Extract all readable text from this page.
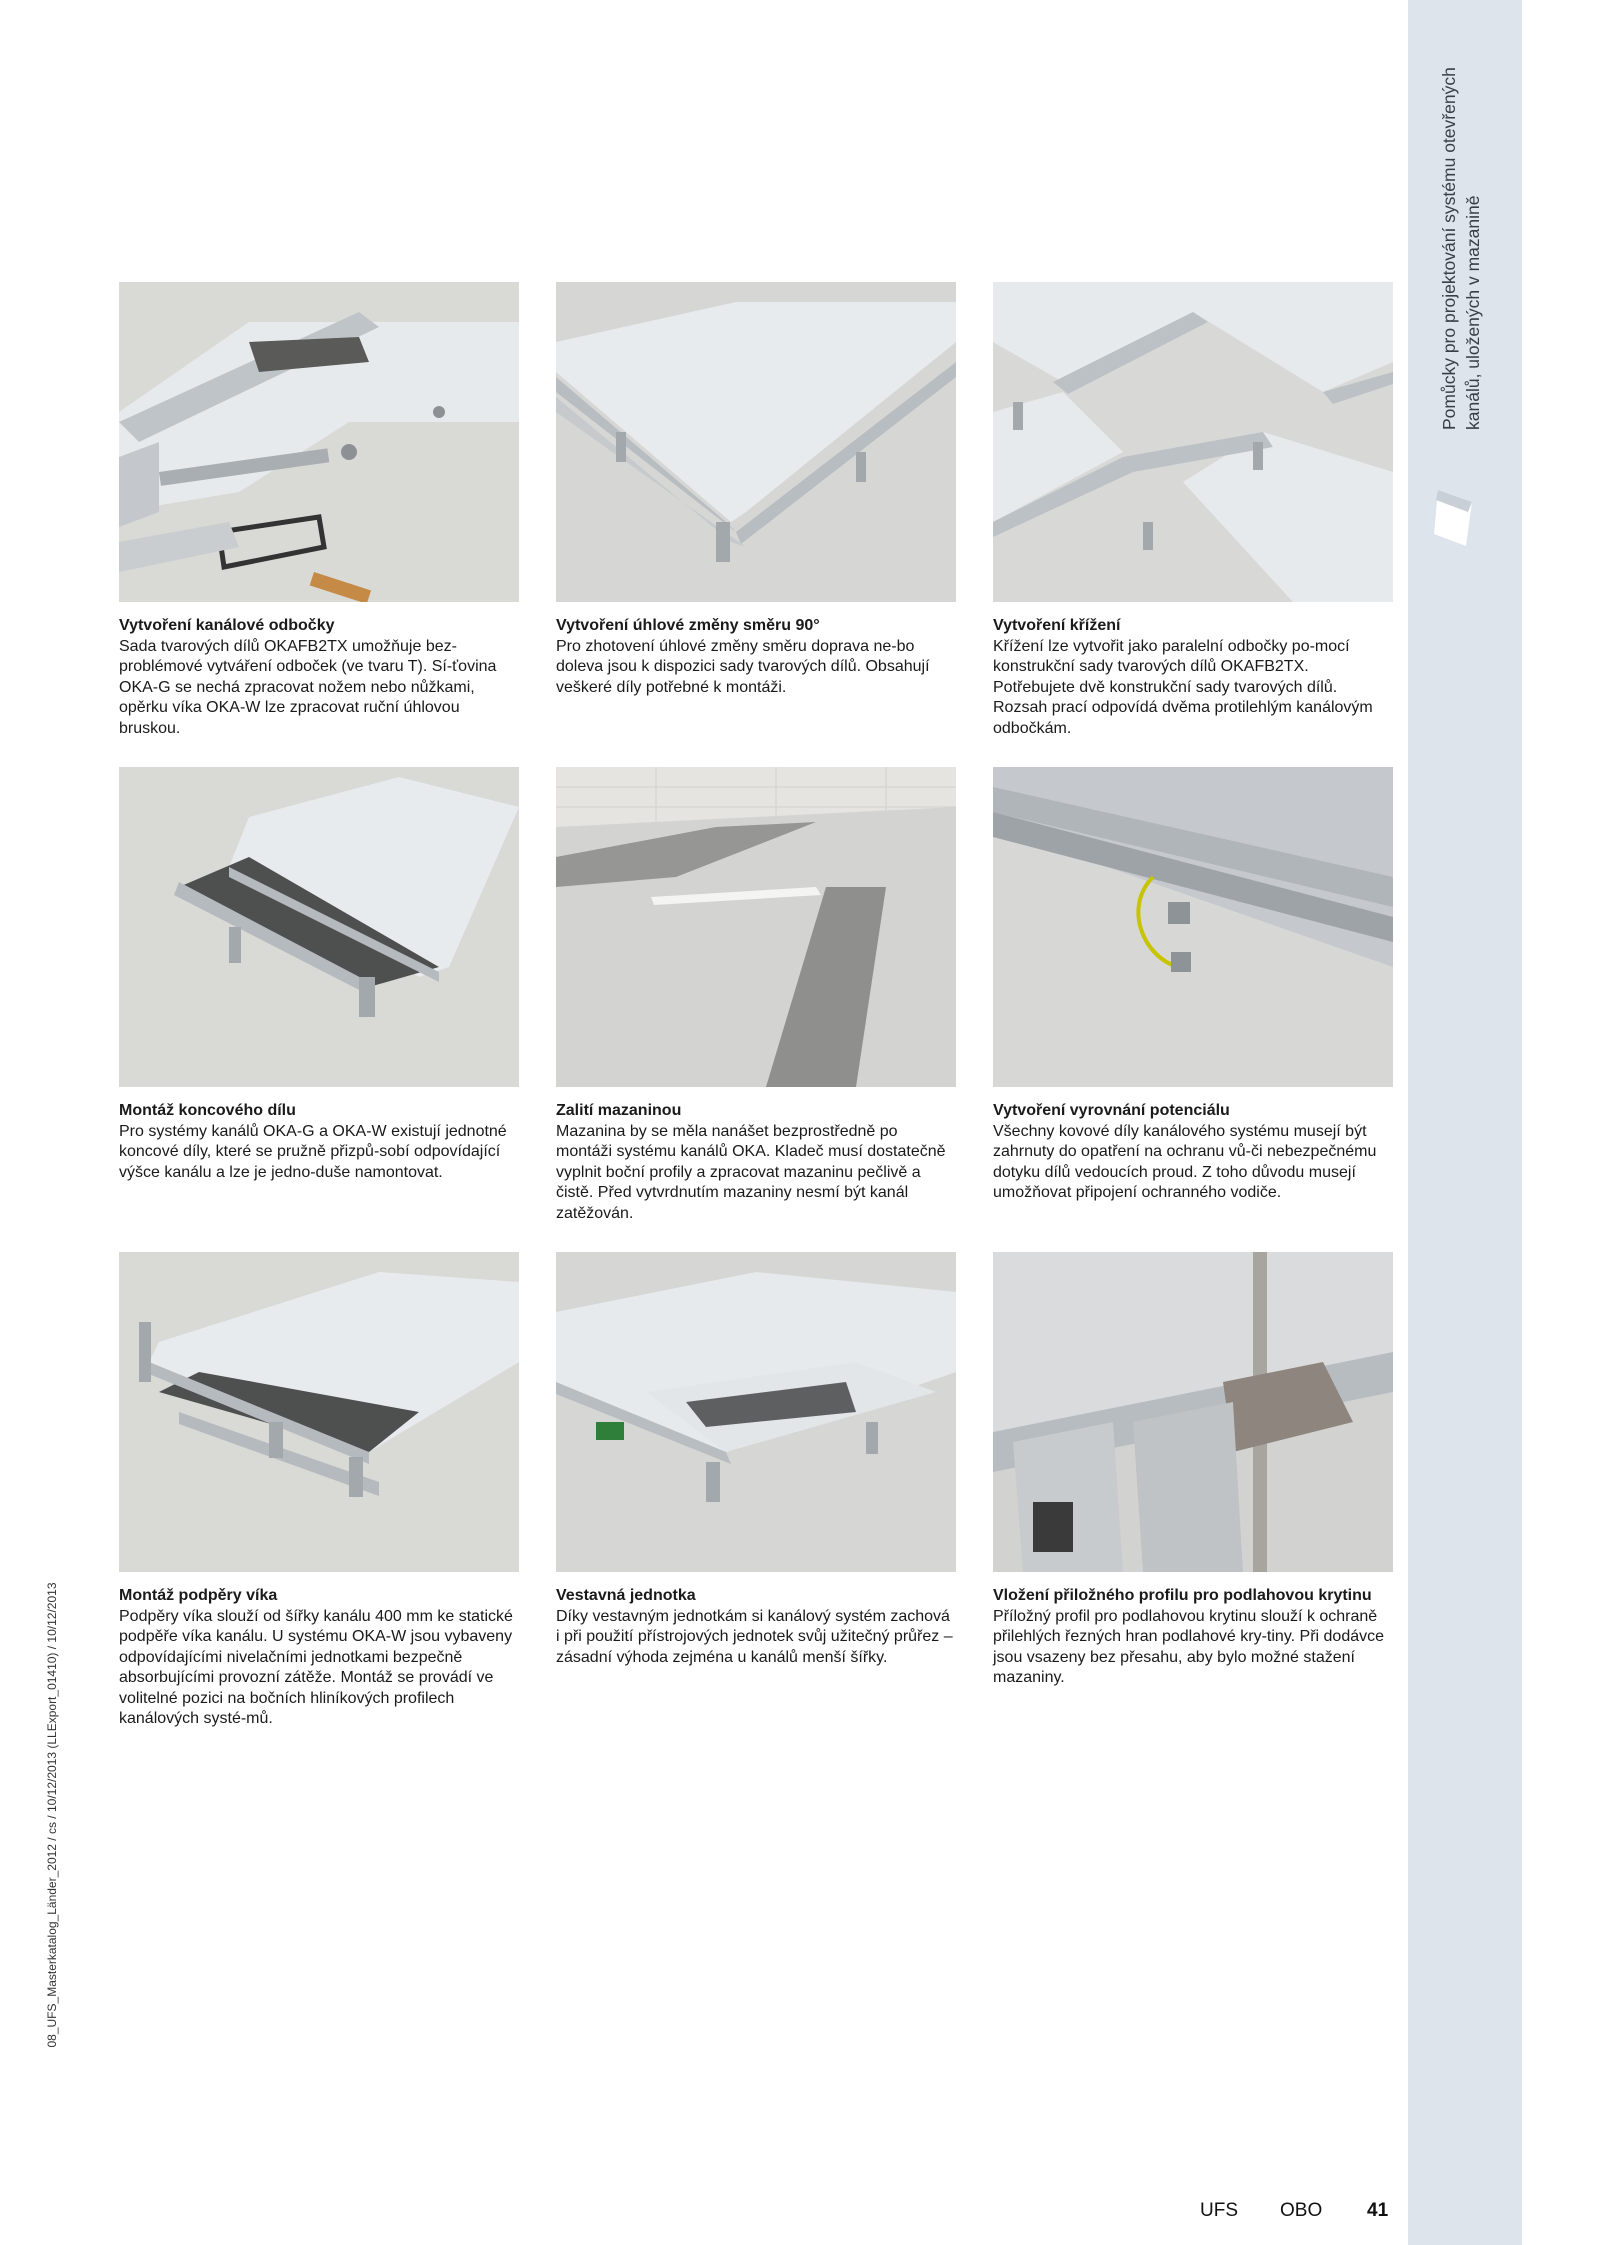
Pomůcky pro projektování systému otevřených kanálů, uložených v mazanině
08_UFS_Masterkatalog_Länder_2012 / cs / 10/12/2013 (LLExport_01410) / 10/12/2013
Vytvoření kanálové odbočky

Sada tvarových dílů OKAFB2TX umožňuje bez-problémové vytváření odboček (ve tvaru T). Sí-ťovina OKA-G se nechá zpracovat nožem nebo nůžkami, opěrku víka OKA-W lze zpracovat ruční úhlovou bruskou.

Vytvoření úhlové změny směru 90°

Pro zhotovení úhlové změny směru doprava ne-bo doleva jsou k dispozici sady tvarových dílů. Obsahují veškeré díly potřebné k montáži.

Vytvoření křížení

Křížení lze vytvořit jako paralelní odbočky po-mocí konstrukční sady tvarových dílů OKAFB2TX. Potřebujete dvě konstrukční sady tvarových dílů. Rozsah prací odpovídá dvěma protilehlým kanálovým odbočkám.

Montáž koncového dílu

Pro systémy kanálů OKA-G a OKA-W existují jednotné koncové díly, které se pružně přizpů-sobí odpovídající výšce kanálu a lze je jedno-duše namontovat.

Zalití mazaninou

Mazanina by se měla nanášet bezprostředně po montáži systému kanálů OKA. Kladeč musí dostatečně vyplnit boční profily a zpracovat mazaninu pečlivě a čistě. Před vytvrdnutím mazaniny nesmí být kanál zatěžován.

Vytvoření vyrovnání potenciálu

Všechny kovové díly kanálového systému musejí být zahrnuty do opatření na ochranu vů-či nebezpečnému dotyku dílů vedoucích proud. Z toho důvodu musejí umožňovat připojení ochranného vodiče.

Montáž podpěry víka

Podpěry víka slouží od šířky kanálu 400 mm ke statické podpěře víka kanálu. U systému OKA-W jsou vybaveny odpovídajícími nivelačními jednotkami bezpečně absorbujícími provozní zátěže. Montáž se provádí ve volitelné pozici na bočních hliníkových profilech kanálových systé-mů.

Vestavná jednotka

Díky vestavným jednotkám si kanálový systém zachová i při použití přístrojových jednotek svůj užitečný průřez – zásadní výhoda zejména u kanálů menší šířky.

Vložení přiložného profilu pro podlahovou krytinu

Příložný profil pro podlahovou krytinu slouží k ochraně přilehlých řezných hran podlahové kry-tiny. Při dodávce jsou vsazeny bez přesahu, aby bylo možné stažení mazaniny.

UFS OBO 41
